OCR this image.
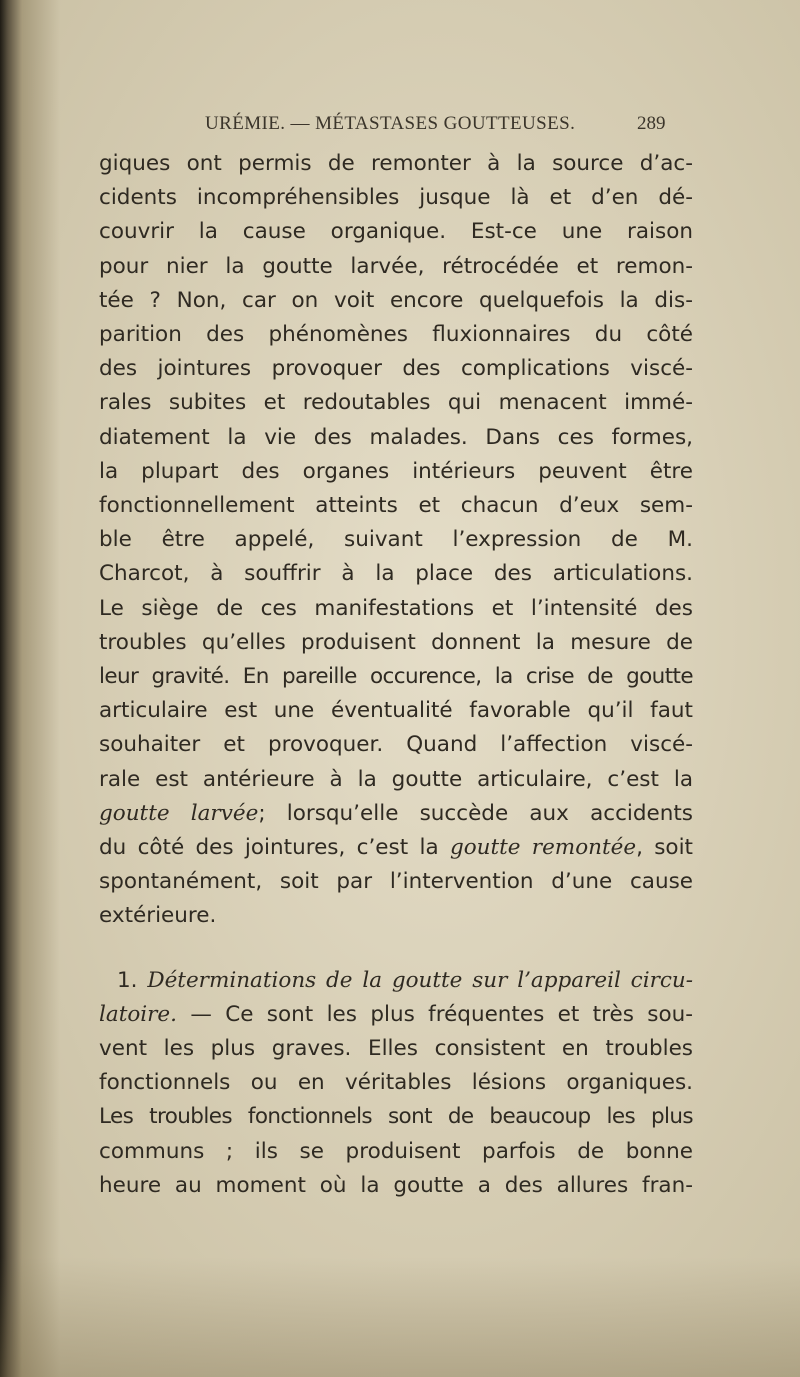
URÉMIE. — MÉTASTASES GOUTTEUSES.	289
giques ont permis de remonter à la source d’ac-
cidents incompréhensibles jusque là et d’en dé-
couvrir la cause organique. Est-ce une raison
pour nier la goutte larvée, rétrocédée et remon-
tée ? Non, car on voit encore quelquefois la dis-
parition des phénomènes fluxionnaires du côté
des jointures provoquer des complications viscé-
rales subites et redoutables qui menacent immé-
diatement la vie des malades. Dans ces formes,
la plupart des organes intérieurs peuvent être
fonctionnellement atteints et chacun d’eux sem-
ble être appelé, suivant l’expression de M.
Charcot, à souffrir à la place des articulations.
Le siège de ces manifestations et l’intensité des
troubles qu’elles produisent donnent la mesure de
leur gravité. En pareille occurence, la crise de goutte
articulaire est une éventualité favorable qu’il faut
souhaiter et provoquer. Quand l’affection viscé-
rale est antérieure à la goutte articulaire, c’est la
goutte larvée; lorsqu’elle succède aux accidents
du côté des jointures, c’est la goutte remontée, soit
spontanément, soit par l’intervention d’une cause
extérieure.
1. Déterminations de la goutte sur l’appareil circu-
latoire. — Ce sont les plus fréquentes et très sou-
vent les plus graves. Elles consistent en troubles
fonctionnels ou en véritables lésions organiques.
Les troubles fonctionnels sont de beaucoup les plus
communs ; ils se produisent parfois de bonne
heure au moment où la goutte a des allures fran-
